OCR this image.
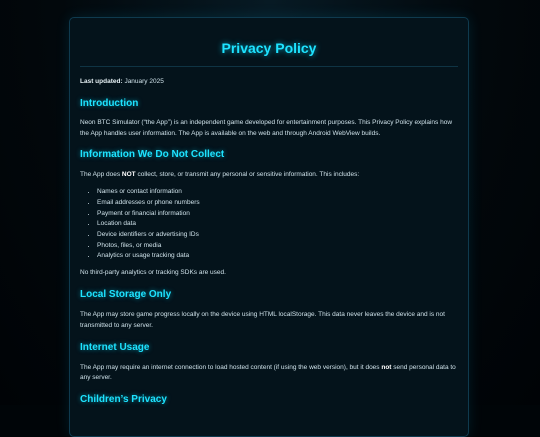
Privacy Policy

Last updated: January 2025

Introduction

Neon BTC Simulator (“the App”) is an independent game developed for entertainment purposes. This Privacy Policy explains how the App handles user information. The App is available on the web and through Android WebView builds.

Information We Do Not Collect

The App does NOT collect, store, or transmit any personal or sensitive information. This includes:

• Names or contact information
• Email addresses or phone numbers
• Payment or financial information
• Location data
• Device identifiers or advertising IDs
• Photos, files, or media
• Analytics or usage tracking data

No third-party analytics or tracking SDKs are used.

Local Storage Only

The App may store game progress locally on the device using HTML localStorage. This data never leaves the device and is not transmitted to any server.

Internet Usage

The App may require an internet connection to load hosted content (if using the web version), but it does not send personal data to any server.

Children’s Privacy
